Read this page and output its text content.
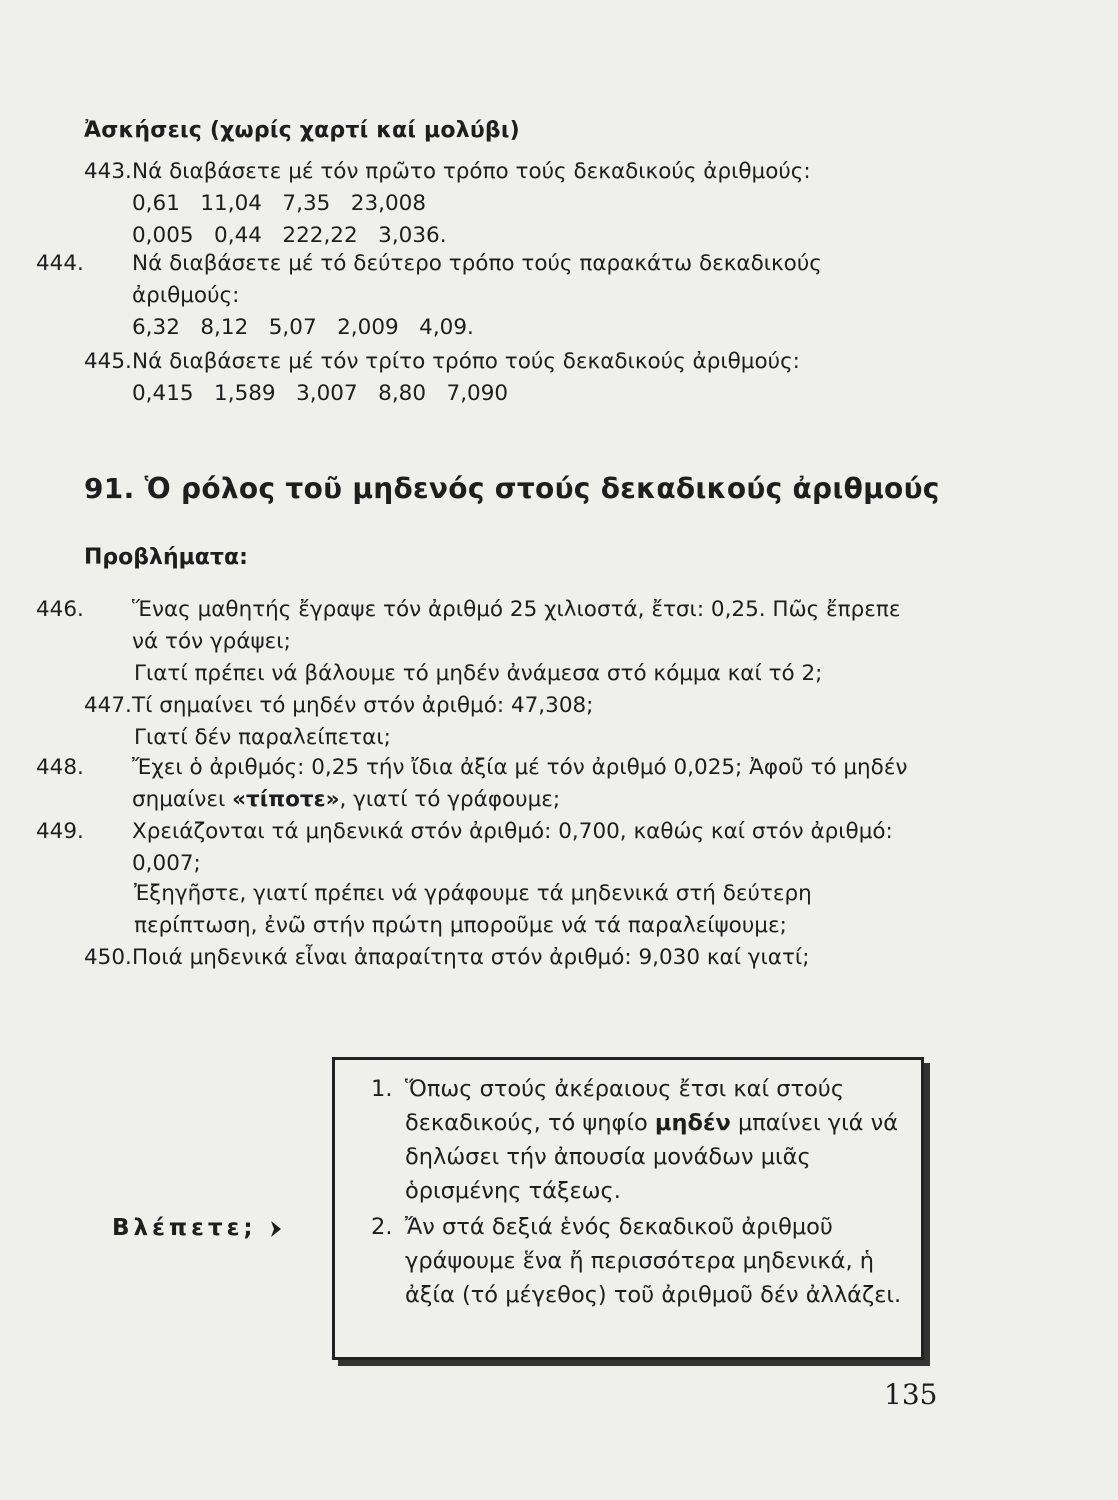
Ἀσκήσεις (χωρίς χαρτί καί μολύβι)
443.Νά διαβάσετε μέ τόν πρῶτο τρόπο τούς δεκαδικούς ἀριθμούς:
0,61   11,04   7,35   23,008
0,005   0,44   222,22   3,036.
444. Νά διαβάσετε μέ τό δεύτερο τρόπο τούς παρακάτω δεκαδικούς ἀριθμούς:
6,32   8,12   5,07   2,009   4,09.
445.Νά διαβάσετε μέ τόν τρίτο τρόπο τούς δεκαδικούς ἀριθμούς:
0,415   1,589   3,007   8,80   7,090
91. Ὁ ρόλος τοῦ μηδενός στούς δεκαδικούς ἀριθμούς
Προβλήματα:
446. Ἕνας μαθητής ἔγραψε τόν ἀριθμό 25 χιλιοστά, ἔτσι: 0,25. Πῶς ἔπρεπε νά τόν γράψει;
Γιατί πρέπει νά βάλουμε τό μηδέν ἀνάμεσα στό κόμμα καί τό 2;
447.Τί σημαίνει τό μηδέν στόν ἀριθμό: 47,308;
Γιατί δέν παραλείπεται;
448. Ἔχει ὁ ἀριθμός: 0,25 τήν ἴδια ἀξία μέ τόν ἀριθμό 0,025; Ἀφοῦ τό μηδέν σημαίνει «τίποτε», γιατί τό γράφουμε;
449. Χρειάζονται τά μηδενικά στόν ἀριθμό: 0,700, καθώς καί στόν ἀριθμό: 0,007;
Ἐξηγῆστε, γιατί πρέπει νά γράφουμε τά μηδενικά στή δεύτερη περίπτωση, ἐνῶ στήν πρώτη μποροῦμε νά τά παραλείψουμε;
450.Ποιά μηδενικά εἶναι ἀπαραίτητα στόν ἀριθμό: 9,030 καί γιατί;
Βλέπετε;
1. Ὅπως στούς ἀκέραιους ἔτσι καί στούς δεκαδικούς, τό ψηφίο μηδέν μπαίνει γιά νά δηλώσει τήν ἀπουσία μονάδων μιᾶς ὁρισμένης τάξεως.
2. Ἄν στά δεξιά ἑνός δεκαδικοῦ ἀριθμοῦ γράψουμε ἕνα ἤ περισσότερα μηδενικά, ἡ ἀξία (τό μέγεθος) τοῦ ἀριθμοῦ δέν ἀλλάζει.
135
